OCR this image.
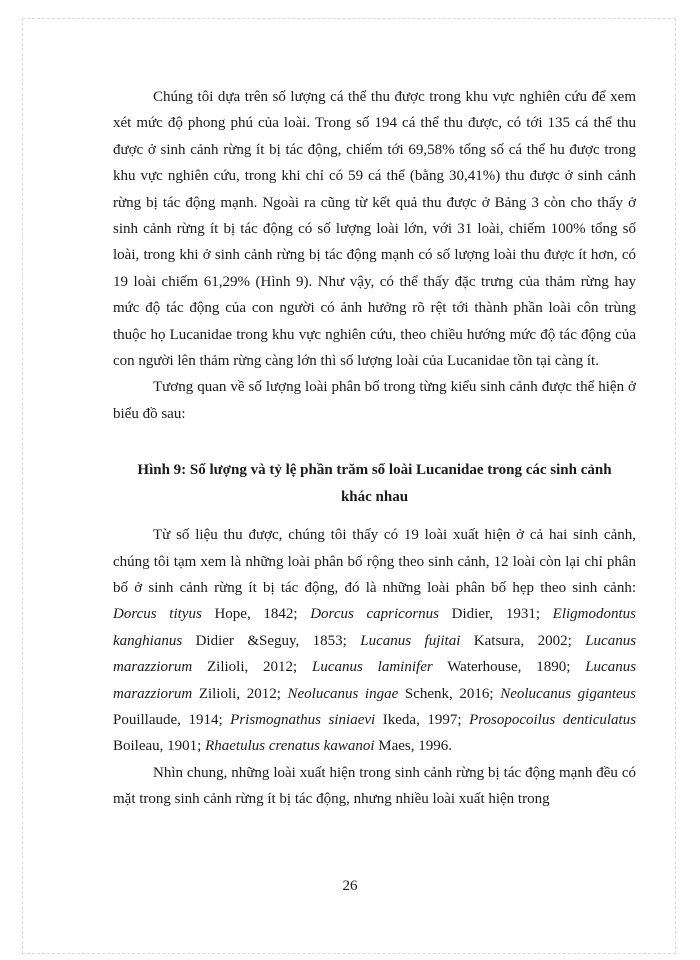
Chúng tôi dựa trên số lượng cá thể thu được trong khu vực nghiên cứu để xem xét mức độ phong phú của loài. Trong số 194 cá thể thu được, có tới 135 cá thể thu được ở sinh cảnh rừng ít bị tác động, chiếm tới 69,58% tổng số cá thể hu được trong khu vực nghiên cứu, trong khi chỉ có 59 cá thể (bằng 30,41%) thu được ở sinh cảnh rừng bị tác động mạnh. Ngoài ra cũng từ kết quả thu được ở Bảng 3 còn cho thấy ở sinh cảnh rừng ít bị tác động có số lượng loài lớn, với 31 loài, chiếm 100% tổng số loài, trong khi ở sinh cảnh rừng bị tác động mạnh có số lượng loài thu được ít hơn, có 19 loài chiếm 61,29% (Hình 9). Như vậy, có thể thấy đặc trưng của thảm rừng hay mức độ tác động của con người có ảnh hưởng rõ rệt tới thành phần loài côn trùng thuộc họ Lucanidae trong khu vực nghiên cứu, theo chiều hướng mức độ tác động của con người lên thảm rừng càng lớn thì số lượng loài của Lucanidae tồn tại càng ít.

Tương quan về số lượng loài phân bố trong từng kiểu sinh cảnh được thể hiện ở biểu đồ sau:

Hình 9: Số lượng và tỷ lệ phần trăm số loài Lucanidae trong các sinh cảnh khác nhau

Từ số liệu thu được, chúng tôi thấy có 19 loài xuất hiện ở cả hai sinh cảnh, chúng tôi tạm xem là những loài phân bố rộng theo sinh cảnh, 12 loài còn lại chỉ phân bố ở sinh cảnh rừng ít bị tác động, đó là những loài phân bố hẹp theo sinh cảnh: Dorcus tityus Hope, 1842; Dorcus capricornus Didier, 1931; Eligmodontus kanghianus Didier &Seguy, 1853; Lucanus fujitai Katsura, 2002; Lucanus marazziorum Zilioli, 2012; Lucanus laminifer Waterhouse, 1890; Lucanus marazziorum Zilioli, 2012; Neolucanus ingae Schenk, 2016; Neolucanus giganteus Pouillaude, 1914; Prismognathus siniaevi Ikeda, 1997; Prosopocoilus denticulatus Boileau, 1901; Rhaetulus crenatus kawanoi Maes, 1996.

Nhìn chung, những loài xuất hiện trong sinh cảnh rừng bị tác động mạnh đều có mặt trong sinh cảnh rừng ít bị tác động, nhưng nhiều loài xuất hiện trong

26
